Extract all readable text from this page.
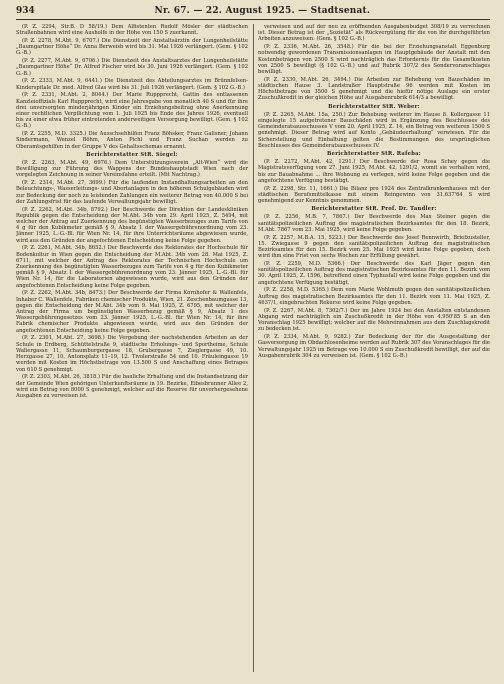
934	Nr. 67. — 22. August 1925. — Stadtsenat.

(P. Z. 2294, Str.B. D 58/19.) Dem Alfistenten Rudolf Mösler der städtischen Straßenbahnen wird eine Ausholfe in der Höhe von 150 S zuerkannt.

(P. Z. 2278, M.Abt. 9, 6707.) Die Dienstzeit der Anstaltsärztin der Lungenheilstätte „Baumgartner Höhe“ Dr. Anna Berweisb wird bis 31. Mai 1926 verlängert. (Gem. § 102 G.-B.)

(P. Z. 2277, M.Abt. 9, 6706.) Die Dienstzeit des Anstaltsarztes der Lungenheilstätte „Baumgartner Höhe“ Dr. Alfred Fischer wird bis 30. Juni 1926 verlängert. (Gem. § 102 G.-B.)

(P. Z. 2333, M.Abt. 9, 6441.) Die Dienstzeit des Abteilungsarztes im Brünnfelsen-Kinderspitale Dr. med. Alfred Glas wird bis 31. Juli 1926 verlängert. (Gem. § 102 G.-B.)

(P. Z. 2331, M.Abt. 2, 8044.) Der Marie Ruppprecht, Gattin des entlassenen Kanzleioffizials Karl Ruppprecht, wird eine Jahresgabe von monatlich 40 S und für ihre drei unversorgten minderjährigen Kinder ein Erziehungsbeitrag ohne Anerkennung einer rechtlichen Verpflichtung vom 1. Juli 1925 bis Ende des Jahres 1926, eventuell bis zu einer etwa früher eintretenden anderweitigen Versorgung bewilligt. (Gem. § 102 G.-B.)

(P. Z. 2255, M.D. 3325.) Die Ausschsehhilfen Franz Böhsker, Franz Galisner, Johann Sindermann, Wenzel Böhm, Anton Pichl und Franz Suchan werden zu Oberamtsgehilfen in der Gruppe V des Gehaltsschemas ernannt.

Berichterstatter StR. Siegel:

(P. Z. 2263, M.Abt. 49, 6976.) Dem Unterstützungsverein „Alt-Wien“ wird die Bewilligung zur Führung des Wappens der Bundeshauptstadt Wien nach der vorgelegten Zeichnung in seiner Vereinsfahne erteilt. (Mit Nachtrag.)

(P. Z. 2314, M.Abt. 27, 3699.) Für die laufenden Instandhaltungsarbeiten an den Beleuchtungs-, Wasserleitungs- und Abortanlagen in den höheren Schulgebäuden wird zur Bedeckung der noch zu leistenden Zahlungen ein weiterer Betrag von 40.000 S bei der Zahlungsfrist für das laufende Verwaltungsjahr bewilligt.

(P. Z. 2262, M.Abt. 34b, 8792.) Der Beschwerde der Direktion der Landeskliniken Republik gegen die Entscheidung der M.Abt. 34b vom 29. April 1925, Z. 5494, mit welcher der Antrag auf Zuerkennung des begünstigten Wasserbezuges zum Tarife von 4 g für den Kubikmeter gemäß § 9, Absatz 1 der Wassergebührenordnung vom 23. Jänner 1925, L.-G.-Bl. für Wien Nr. 14, für ihre Unterrichtsräume abgewiesen wurde, wird aus den Gründen der angefochtenen Entscheidung keine Folge gegeben.

(P. Z. 2261, M.Abt. 34b, 8652.) Der Beschwerde des Rektorates der Hochschule für Bodenkultur in Wien gegen die Entscheidung der M.Abt. 34b vom 28. Mai 1925, Z. 6711, mit welcher der Antrag des Rektorates der Technischen Hochschule um Zuerkennung des begünstigten Wasserbezuges zum Tarife von 4 g für den Kubikmeter gemäß § 9, Absatz 1 der Wassergebührenordnung vom 23. Jänner 1925, L.-G.-Bl. für Wien Nr. 14, für die Laboratorien abgewiesen wurde, wird aus den Gründen der angefochtenen Entscheidung keine Folge gegeben.

(P. Z. 2262, M.Abt. 34b, 8473.) Der Beschwerde der Firma Kornhofer & Wallenfels, Inhaber C. Wallenfels, Fabriken chemischer Produkte, Wien, 21. Zeschenbaumgasse 13, gegen die Entscheidung der M.Abt. 34b vom 9. Mai 1925, Z. 6795, mit welcher der Antrag der Firma um begünstigten Wasserbezug gemäß § 9, Absatz 1 des Wassergebührengesetzes vom 23. Jänner 1925, L.-G.-Bl. für Wien Nr. 14, für ihre Fabrik chemischer Produkte abgewiesen wurde, wird aus den Gründen der angefochtenen Entscheidung keine Folge gegeben.

(P. Z. 2301, M.Abt. 27, 3698.) Die Vergebung der nachstehenden Arbeiten an der Schule in Erdberg, Schüttelstraße 9, städtische Erholungs- und Sportheime, Schule Wallergasse 11, Schaumburgergasse 18, Grubergasse 7, Zieglergasse 49, 10. Herzgasse 27, 10. Antonsplatz 11–19, 12. Tivolerstraße 54 und 10. Fräuleingasse 19 werden mit Kosten im Höchstbetrage von 13.500 S und Anschaffung eines Betrages von 610 S genehmigt.

(P. Z. 2303, M.Abt. 26, 3818.) Für die bauliche Erhaltung und die Instandsetzung der der Gemeinde Wien gehörigen Unterkunftsräume in 19. Bezirke, Eibesbrunner Allee 2, wird ein Betrag von 8000 S genehmigt, welcher auf die Reserve für unvorhergesehene Ausgaben zu verweisen ist.

verweisen und auf der neu zu eröffnenden Ausgabenbudget 308/19 zu verrechnen ist. Dieser Betrag ist der „Sozietät“ als Rückvergütung für die von ihr durchgeführten Arbeiten anzuweisen. (Gem. § 102 G.-B.)

(P. Z. 2336, M.Abt. 26, 3548.) Für die bei der Erziehungsanstalt Eggenburg notwendig gewordenen Transmissionsanlagen im Hauptgebäude der Anstalt mit den Kostenbeträgen von 2500 S wird nachträglich das Erfordernis für die Gesamtkosten von 2500 S bewilligt (§ 102 G.-B.) und auf Rubrik 307/2 des Sondervoranschlages bewilligt.

(P. Z. 2330, M.Abt. 26, 3494.) Die Arbeiten zur Behebung von Bauschäden im städtischen Hause 3. Landstraßer Hauptstraße 96 werden mit Kosten im Höchstbetrage von 3500 S genehmigt und die hiefür nötige Auslage ein erster Zuschußkredit in der gleichen Höhe auf Ausgabenrubrik 614/3 a bewilligt.

Berichterstatter StR. Weber:

(P. Z. 2265, M.Abt. 15a, 250.) Zur Behebung weiterer im Hause 8. Kollergasse 11 eingelegte 15 aufgetretener Bauschäden wird in Ergänzung des Beschlusses des Gemeinderatsausschusses V vom 20. April 1925, Z. 14, ein Betrag von weiteren 1500 S genehmigt. Dieser Betrag wird auf Konto „Gebäudeerhaltung“ verwiesen. Für die Sicherstellung und Einhaltung gelten die Bestimmungen des ursprünglichen Beschlusses des Gemeinderatsausschusses IV.

Berichterstatter StR. Rafeba:

(P. Z. 2272, M.Abt. 42, 1291.) Der Beschwerde der Rosa Schey gegen die Magistratsverfügung vom 27. Juni 1925, M.Abt. 42, 1291/2, womit sie verhalten wird, bis zur Bauabnahme ... ihre Wohnung zu verlegen, wird keine Folge gegeben und die angefochtene Verfügung bestätigt.

(P. Z. 2298, Str. 11, 1661.) Die Bilanz pro 1924 des Zentralkrankenhauses mit der städtischen Berufsmittelkasse mit einem Reingewinn von 31.637'64 S wird genehmigend zur Kenntnis genommen.

Berichterstatter StR. Prof. Dr. Tandler:

(P. Z. 2256, M.B. 7, 7867.) Der Beschwerde des Max Steiner gegen die sanitätspolizeilichen Auftrag des magistratischen Bezirksamtes für den 18. Bezirk, M.Abt. 7867 vom 23. Mai 1925, wird keine Folge gegeben.

(P. Z. 2257, M.B.A. 15, 5223.) Der Beschwerde des Josef Rennwirth, Briefzusteller, 15. Zwiegasse 9 gegen den sanitätspolizeilichen Auftrag des magistratischen Bezirksamtes für den 15. Bezirk vom 25. Mai 1925 wird keine Folge gegeben, doch wird ihm eine Frist von sechs Wochen zur Erfüllung gewährt.

(P. Z. 2259, M.D. 5366.) Der Beschwerde des Karl Jäger gegen den sanitätspolizeilichen Auftrag des magistratischen Bezirksamtes für den 11. Bezirk vom 30. April 1925, Z. 1596, betreffend einen Typhusfall wird keine Folge gegeben und die angefochtene Verfügung bestätigt.

(P. Z. 2258, M.D. 5365.) Dem vom Marie Wohlmuth gegen den sanitätspolizeilichen Auftrag des magistratischen Bezirksamtes für den 11. Bezirk vom 11. Mai 1925, Z. 4637/1, eingebrachten Rekurse wird keine Folge gegeben.

(P. Z. 2267, M.Abt. 8, 7302/7.) Der im Jahre 1924 bei den Anstalten entstandenen Abgang wird nachträglich ein Zuschußkredit in der Höhe von 4.950'85 S an den Voranschlag 1925 bewilligt; welcher auf die Mehreinnahmen aus dem Zuschlagskredit zu bedecken ist.

(P. Z. 2334, M.Abt. 9, 9282.) Zur Bedeckung der für die Ausgestaltung der Gasversorgung im Obdachlosenheime werden auf Rubrik 307 des Voranschlages für die Verwaltungsjahr 1925 im Betrage von 10.000 S ein Zuschußkredit bewilligt, der auf die Ausgabenrubrik 304 zu verweisen ist. (Gem. § 102 G.-B.)
